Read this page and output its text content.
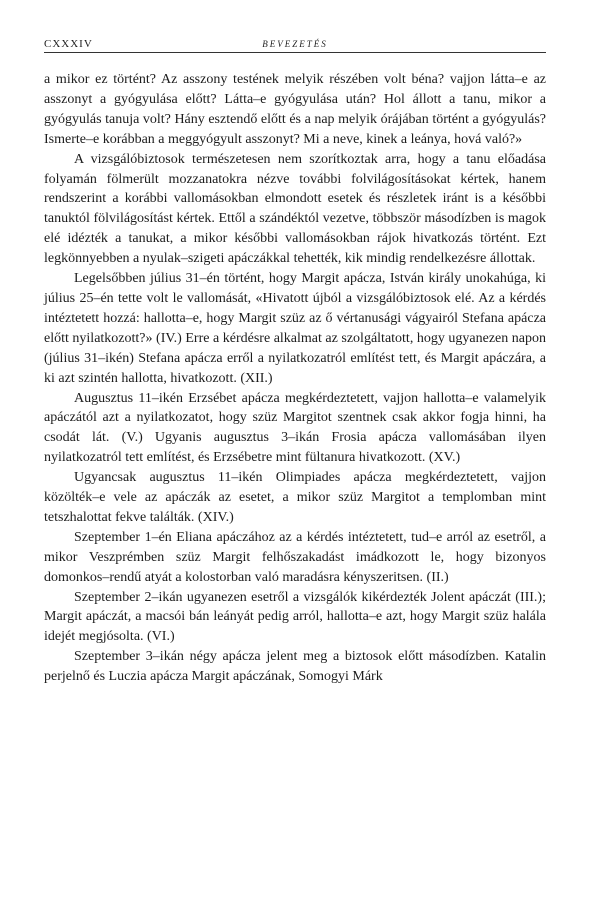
CXXXIV	BEVEZETÉS

a mikor ez történt? Az asszony testének melyik részében volt béna? vajjon látta–e az asszonyt a gyógyulása előtt? Látta–e gyógyulása után? Hol állott a tanu, mikor a gyógyulás tanuja volt? Hány esztendő előtt és a nap melyik órájában történt a gyógyulás? Ismerte–e korábban a meggyógyult asszonyt? Mi a neve, kinek a leánya, hová való?»

A vizsgálóbiztosok természetesen nem szorítkoztak arra, hogy a tanu előadása folyamán fölmerült mozzanatokra nézve további folvilágosításokat kértek, hanem rendszerint a korábbi vallomásokban elmondott esetek és részletek iránt is a későbbi tanuktól fölvilágosítást kértek. Ettől a szándéktól vezetve, többször másodízben is magok elé idézték a tanukat, a mikor későbbi vallomásokban rájok hivatkozás történt. Ezt legkönnyebben a nyulak–szigeti apáczákkal tehették, kik mindig rendelkezésre állottak.

Legelsőbben július 31–én történt, hogy Margit apácza, István király unokahúga, ki július 25–én tette volt le vallomását, «Hivatott újból a vizsgálóbiztosok elé. Az a kérdés intéztetett hozzá: hallotta–e, hogy Margit szüz az ő vértanusági vágyairól Stefana apácza előtt nyilatkozott?» (IV.) Erre a kérdésre alkalmat az szolgáltatott, hogy ugyanezen napon (július 31–ikén) Stefana apácza erről a nyilatkozatról említést tett, és Margit apáczára, a ki azt szintén hallotta, hivatkozott. (XII.)

Augusztus 11–ikén Erzsébet apácza megkérdeztetett, vajjon hallotta–e valamelyik apáczától azt a nyilatkozatot, hogy szüz Margitot szentnek csak akkor fogja hinni, ha csodát lát. (V.) Ugyanis augusztus 3–ikán Frosia apácza vallomásában ilyen nyilatkozatról tett említést, és Erzsébetre mint fültanura hivatkozott. (XV.)

Ugyancsak augusztus 11–ikén Olimpiades apácza megkérdeztetett, vajjon közölték–e vele az apáczák az esetet, a mikor szüz Margitot a templomban mint tetszhalottat fekve találták. (XIV.)

Szeptember 1–én Eliana apáczához az a kérdés intéztetett, tud–e arról az esetről, a mikor Veszprémben szüz Margit felhőszakadást imádkozott le, hogy bizonyos domonkos–rendű atyát a kolostorban való maradásra kényszeritsen. (II.)

Szeptember 2–ikán ugyanezen esetről a vizsgálók kikérdezték Jolent apáczát (III.); Margit apáczát, a macsói bán leányát pedig arról, hallotta–e azt, hogy Margit szüz halála idejét megjósolta. (VI.)

Szeptember 3–ikán négy apácza jelent meg a biztosok előtt másodízben. Katalin perjelnő és Luczia apácza Margit apáczának, Somogyi Márk
